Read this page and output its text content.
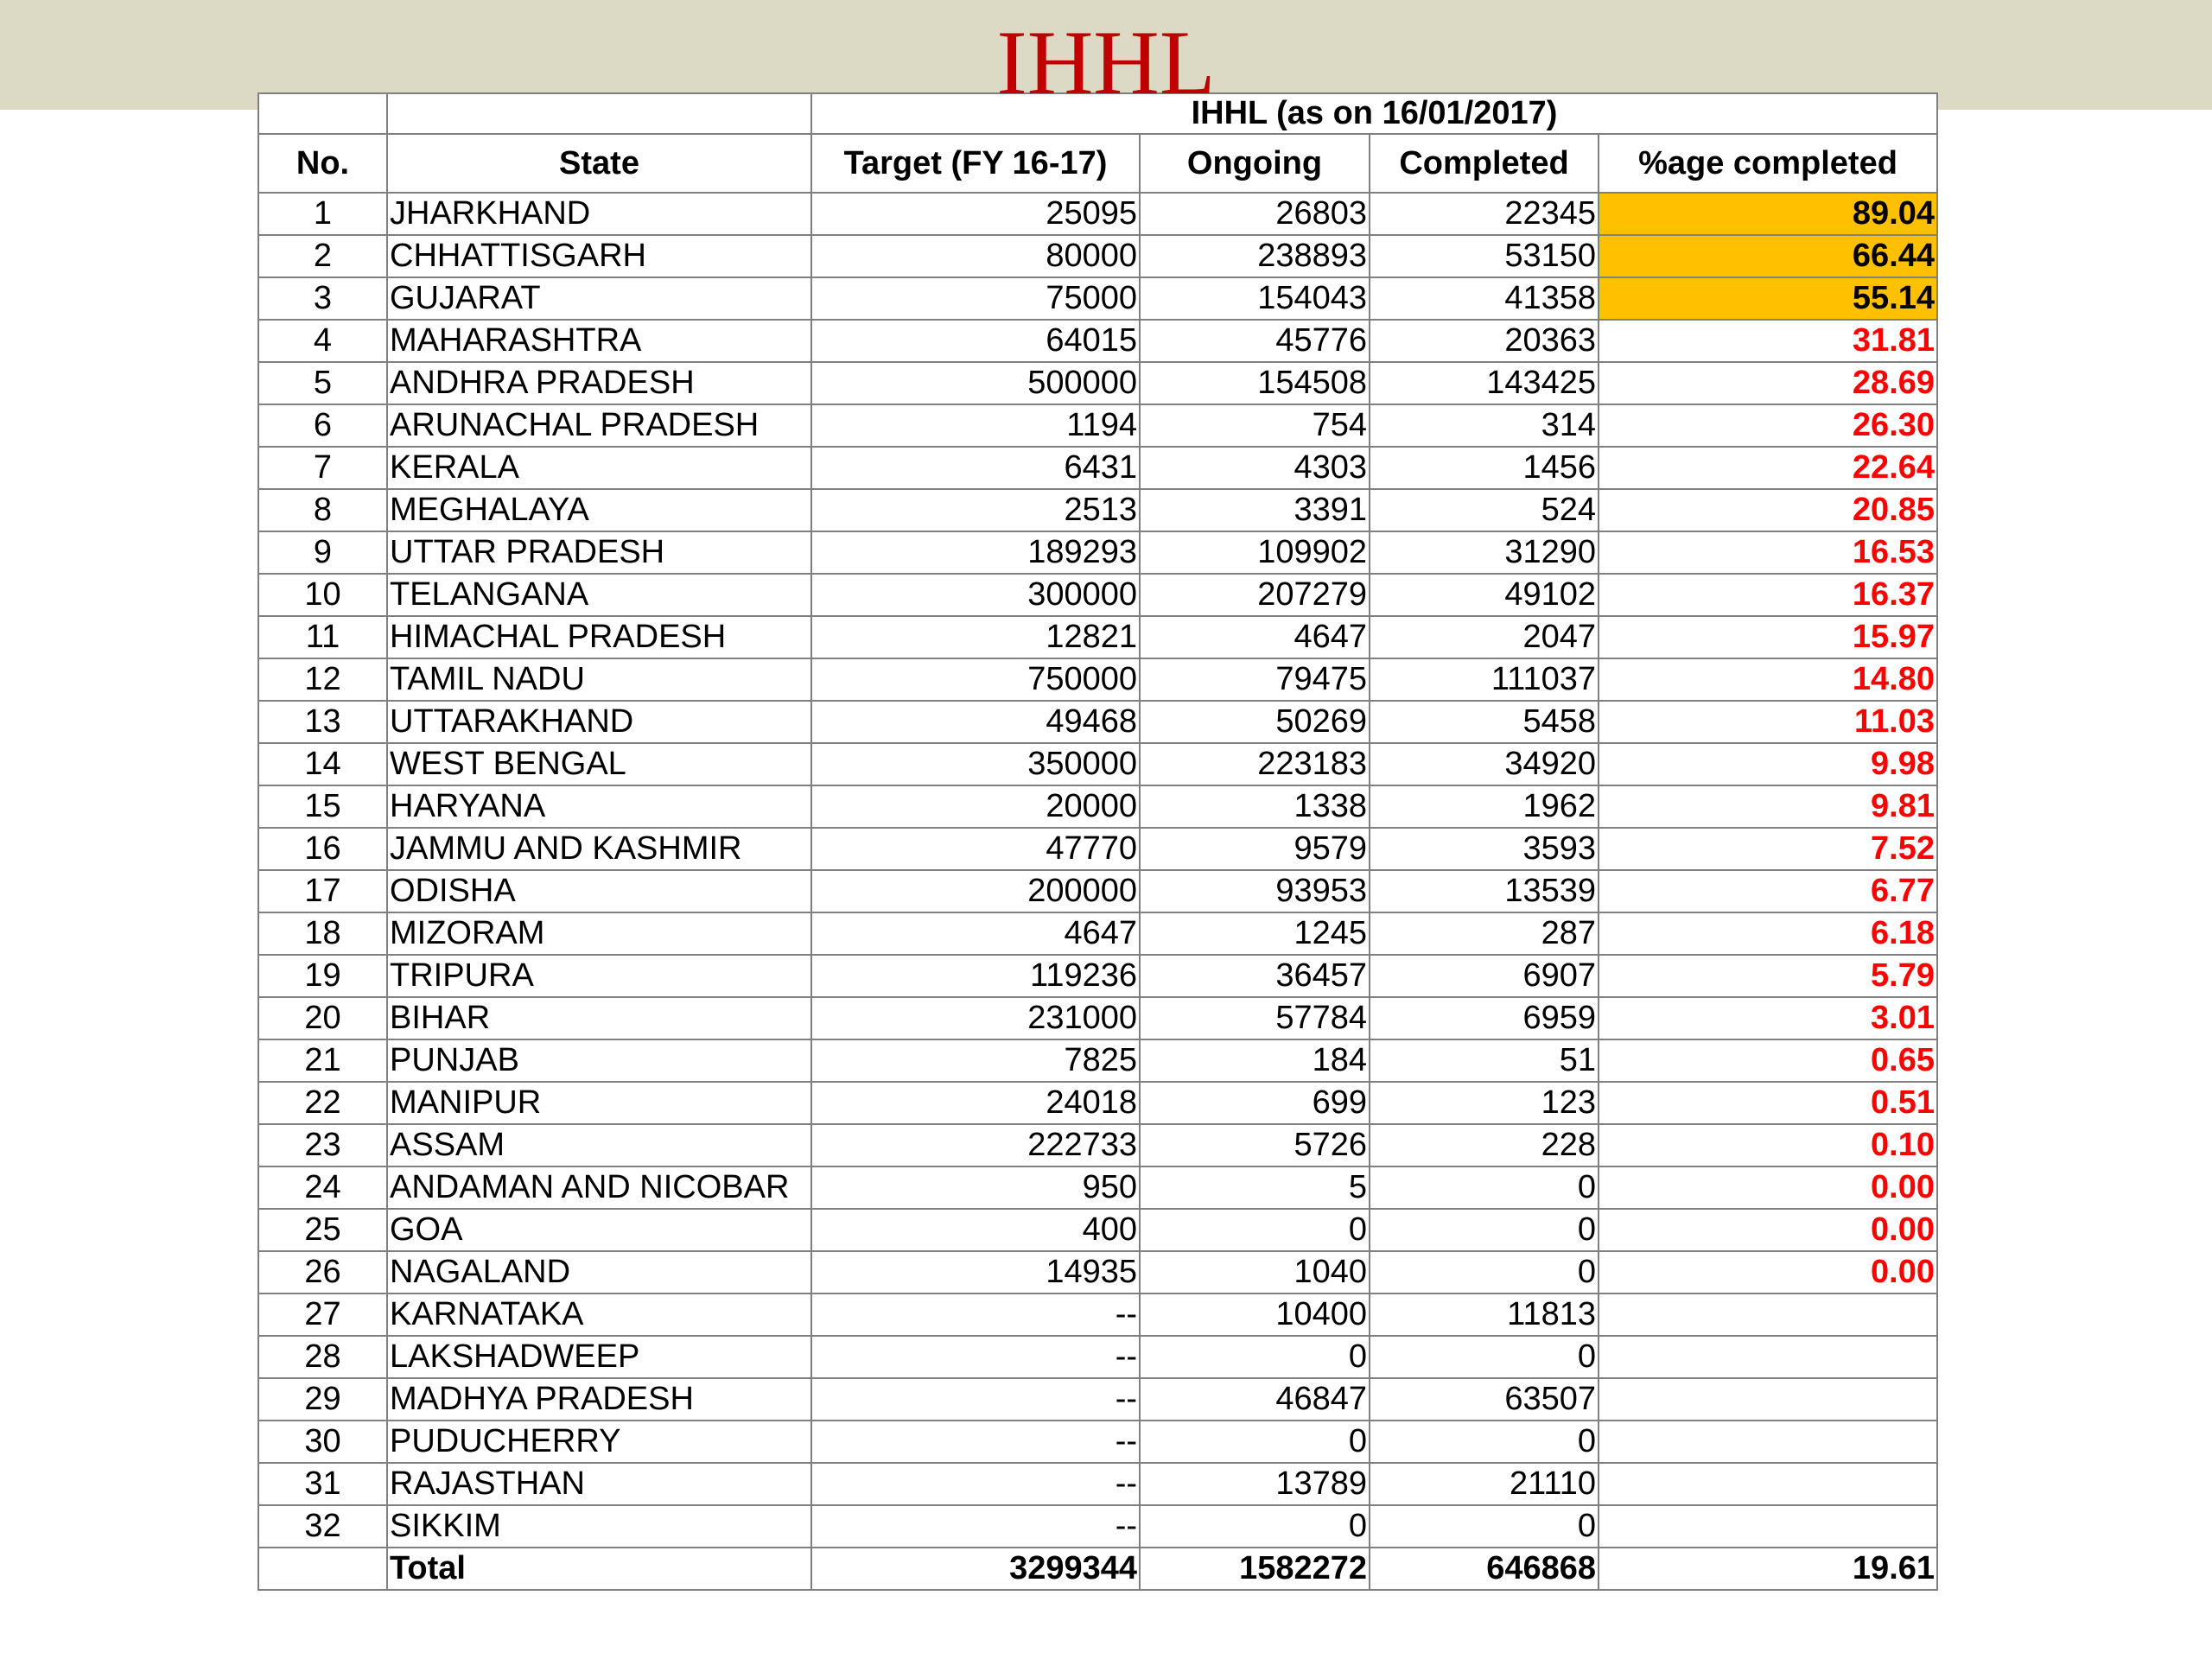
IHHL
		IHHL (as on 16/01/2017)			
No.	State	Target (FY 16-17)	Ongoing	Completed	%age completed
1	JHARKHAND	25095	26803	22345	89.04
2	CHHATTISGARH	80000	238893	53150	66.44
3	GUJARAT	75000	154043	41358	55.14
4	MAHARASHTRA	64015	45776	20363	31.81
5	ANDHRA PRADESH	500000	154508	143425	28.69
6	ARUNACHAL PRADESH	1194	754	314	26.30
7	KERALA	6431	4303	1456	22.64
8	MEGHALAYA	2513	3391	524	20.85
9	UTTAR PRADESH	189293	109902	31290	16.53
10	TELANGANA	300000	207279	49102	16.37
11	HIMACHAL PRADESH	12821	4647	2047	15.97
12	TAMIL NADU	750000	79475	111037	14.80
13	UTTARAKHAND	49468	50269	5458	11.03
14	WEST BENGAL	350000	223183	34920	9.98
15	HARYANA	20000	1338	1962	9.81
16	JAMMU AND KASHMIR	47770	9579	3593	7.52
17	ODISHA	200000	93953	13539	6.77
18	MIZORAM	4647	1245	287	6.18
19	TRIPURA	119236	36457	6907	5.79
20	BIHAR	231000	57784	6959	3.01
21	PUNJAB	7825	184	51	0.65
22	MANIPUR	24018	699	123	0.51
23	ASSAM	222733	5726	228	0.10
24	ANDAMAN AND NICOBAR	950	5	0	0.00
25	GOA	400	0	0	0.00
26	NAGALAND	14935	1040	0	0.00
27	KARNATAKA	--	10400	11813	
28	LAKSHADWEEP	--	0	0	
29	MADHYA PRADESH	--	46847	63507	
30	PUDUCHERRY	--	0	0	
31	RAJASTHAN	--	13789	21110	
32	SIKKIM	--	0	0	
	Total	3299344	1582272	646868	19.61
